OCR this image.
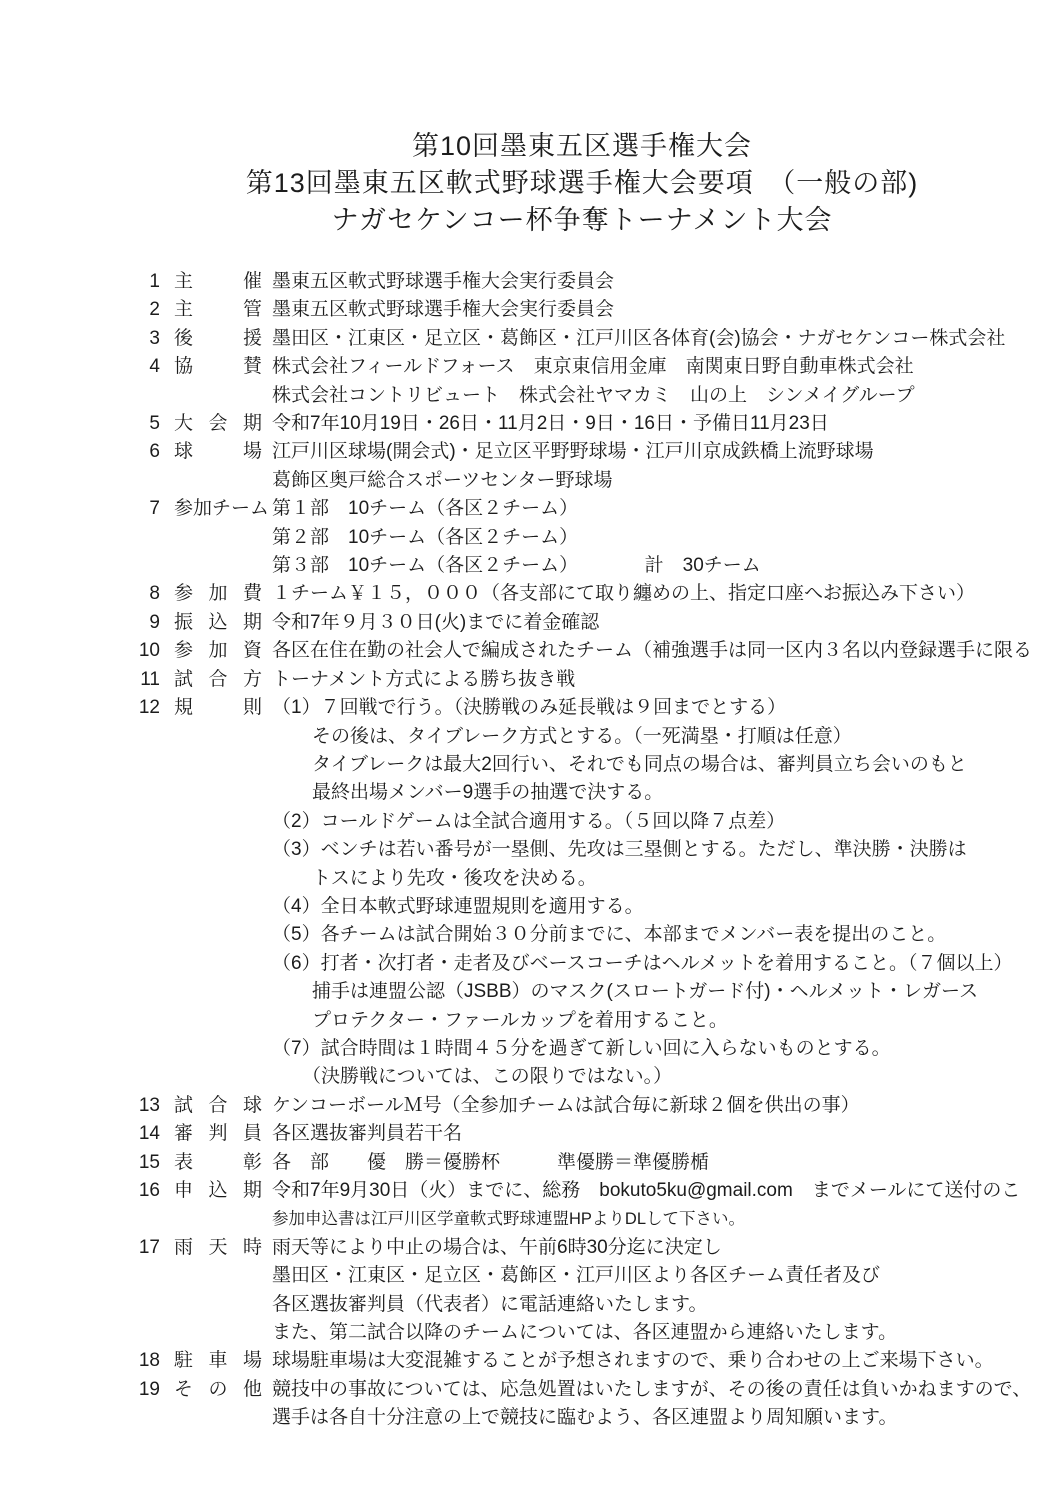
第10回墨東五区選手権大会
第13回墨東五区軟式野球選手権大会要項　（一般の部)
ナガセケンコー杯争奪トーナメント大会
1 主催 墨東五区軟式野球選手権大会実行委員会
2 主管 墨東五区軟式野球選手権大会実行委員会
3 後援 墨田区・江東区・足立区・葛飾区・江戸川区各体育(会)協会・ナガセケンコー株式会社
4 協賛 株式会社フィールドフォース　東京東信用金庫　南関東日野自動車株式会社
株式会社コントリビュート　株式会社ヤマカミ　山の上　シンメイグループ
5 大会期 令和7年10月19日・26日・11月2日・9日・16日・予備日11月23日
6 球場 江戸川区球場(開会式)・足立区平野野球場・江戸川京成鉄橋上流野球場
葛飾区奥戸総合スポーツセンター野球場
7 参加チーム 第１部　10チーム（各区２チーム）
第２部　10チーム（各区２チーム）
第３部　10チーム（各区２チーム）　　　　計　30チーム
8 参加費 １チーム￥１５，０００（各支部にて取り纏めの上、指定口座へお振込み下さい）
9 振込期 令和7年９月３０日(火)までに着金確認
10 参加資 各区在住在勤の社会人で編成されたチーム（補強選手は同一区内３名以内登録選手に限る
11 試合方 トーナメント方式による勝ち抜き戦
12 規則 （1）７回戦で行う。（決勝戦のみ延長戦は９回までとする）
その後は、タイブレーク方式とする。（一死満塁・打順は任意）
タイブレークは最大2回行い、それでも同点の場合は、審判員立ち会いのもと
最終出場メンバー9選手の抽選で決する。
（2）コールドゲームは全試合適用する。（５回以降７点差）
（3）ベンチは若い番号が一塁側、先攻は三塁側とする。ただし、準決勝・決勝は
トスにより先攻・後攻を決める。
（4）全日本軟式野球連盟規則を適用する。
（5）各チームは試合開始３０分前までに、本部までメンバー表を提出のこと。
（6）打者・次打者・走者及びベースコーチはヘルメットを着用すること。（７個以上）
捕手は連盟公認（JSBB）のマスク(スロートガード付)・ヘルメット・レガース
プロテクター・ファールカップを着用すること。
（7）試合時間は１時間４５分を過ぎて新しい回に入らないものとする。
（決勝戦については、この限りではない。）
13 試合球 ケンコーボールＭ号（全参加チームは試合毎に新球２個を供出の事）
14 審判員 各区選抜審判員若干名
15 表彰 各　部　　優　勝＝優勝杯　　　準優勝＝準優勝楯
16 申込期 令和7年9月30日（火）までに、総務　bokuto5ku@gmail.com　までメールにて送付のこ
参加申込書は江戸川区学童軟式野球連盟HPよりDLして下さい。
17 雨天時 雨天等により中止の場合は、午前6時30分迄に決定し
墨田区・江東区・足立区・葛飾区・江戸川区より各区チーム責任者及び
各区選抜審判員（代表者）に電話連絡いたします。
また、第二試合以降のチームについては、各区連盟から連絡いたします。
18 駐車場 球場駐車場は大変混雑することが予想されますので、乗り合わせの上ご来場下さい。
19 その他 競技中の事故については、応急処置はいたしますが、その後の責任は負いかねますので、
選手は各自十分注意の上で競技に臨むよう、各区連盟より周知願います。
